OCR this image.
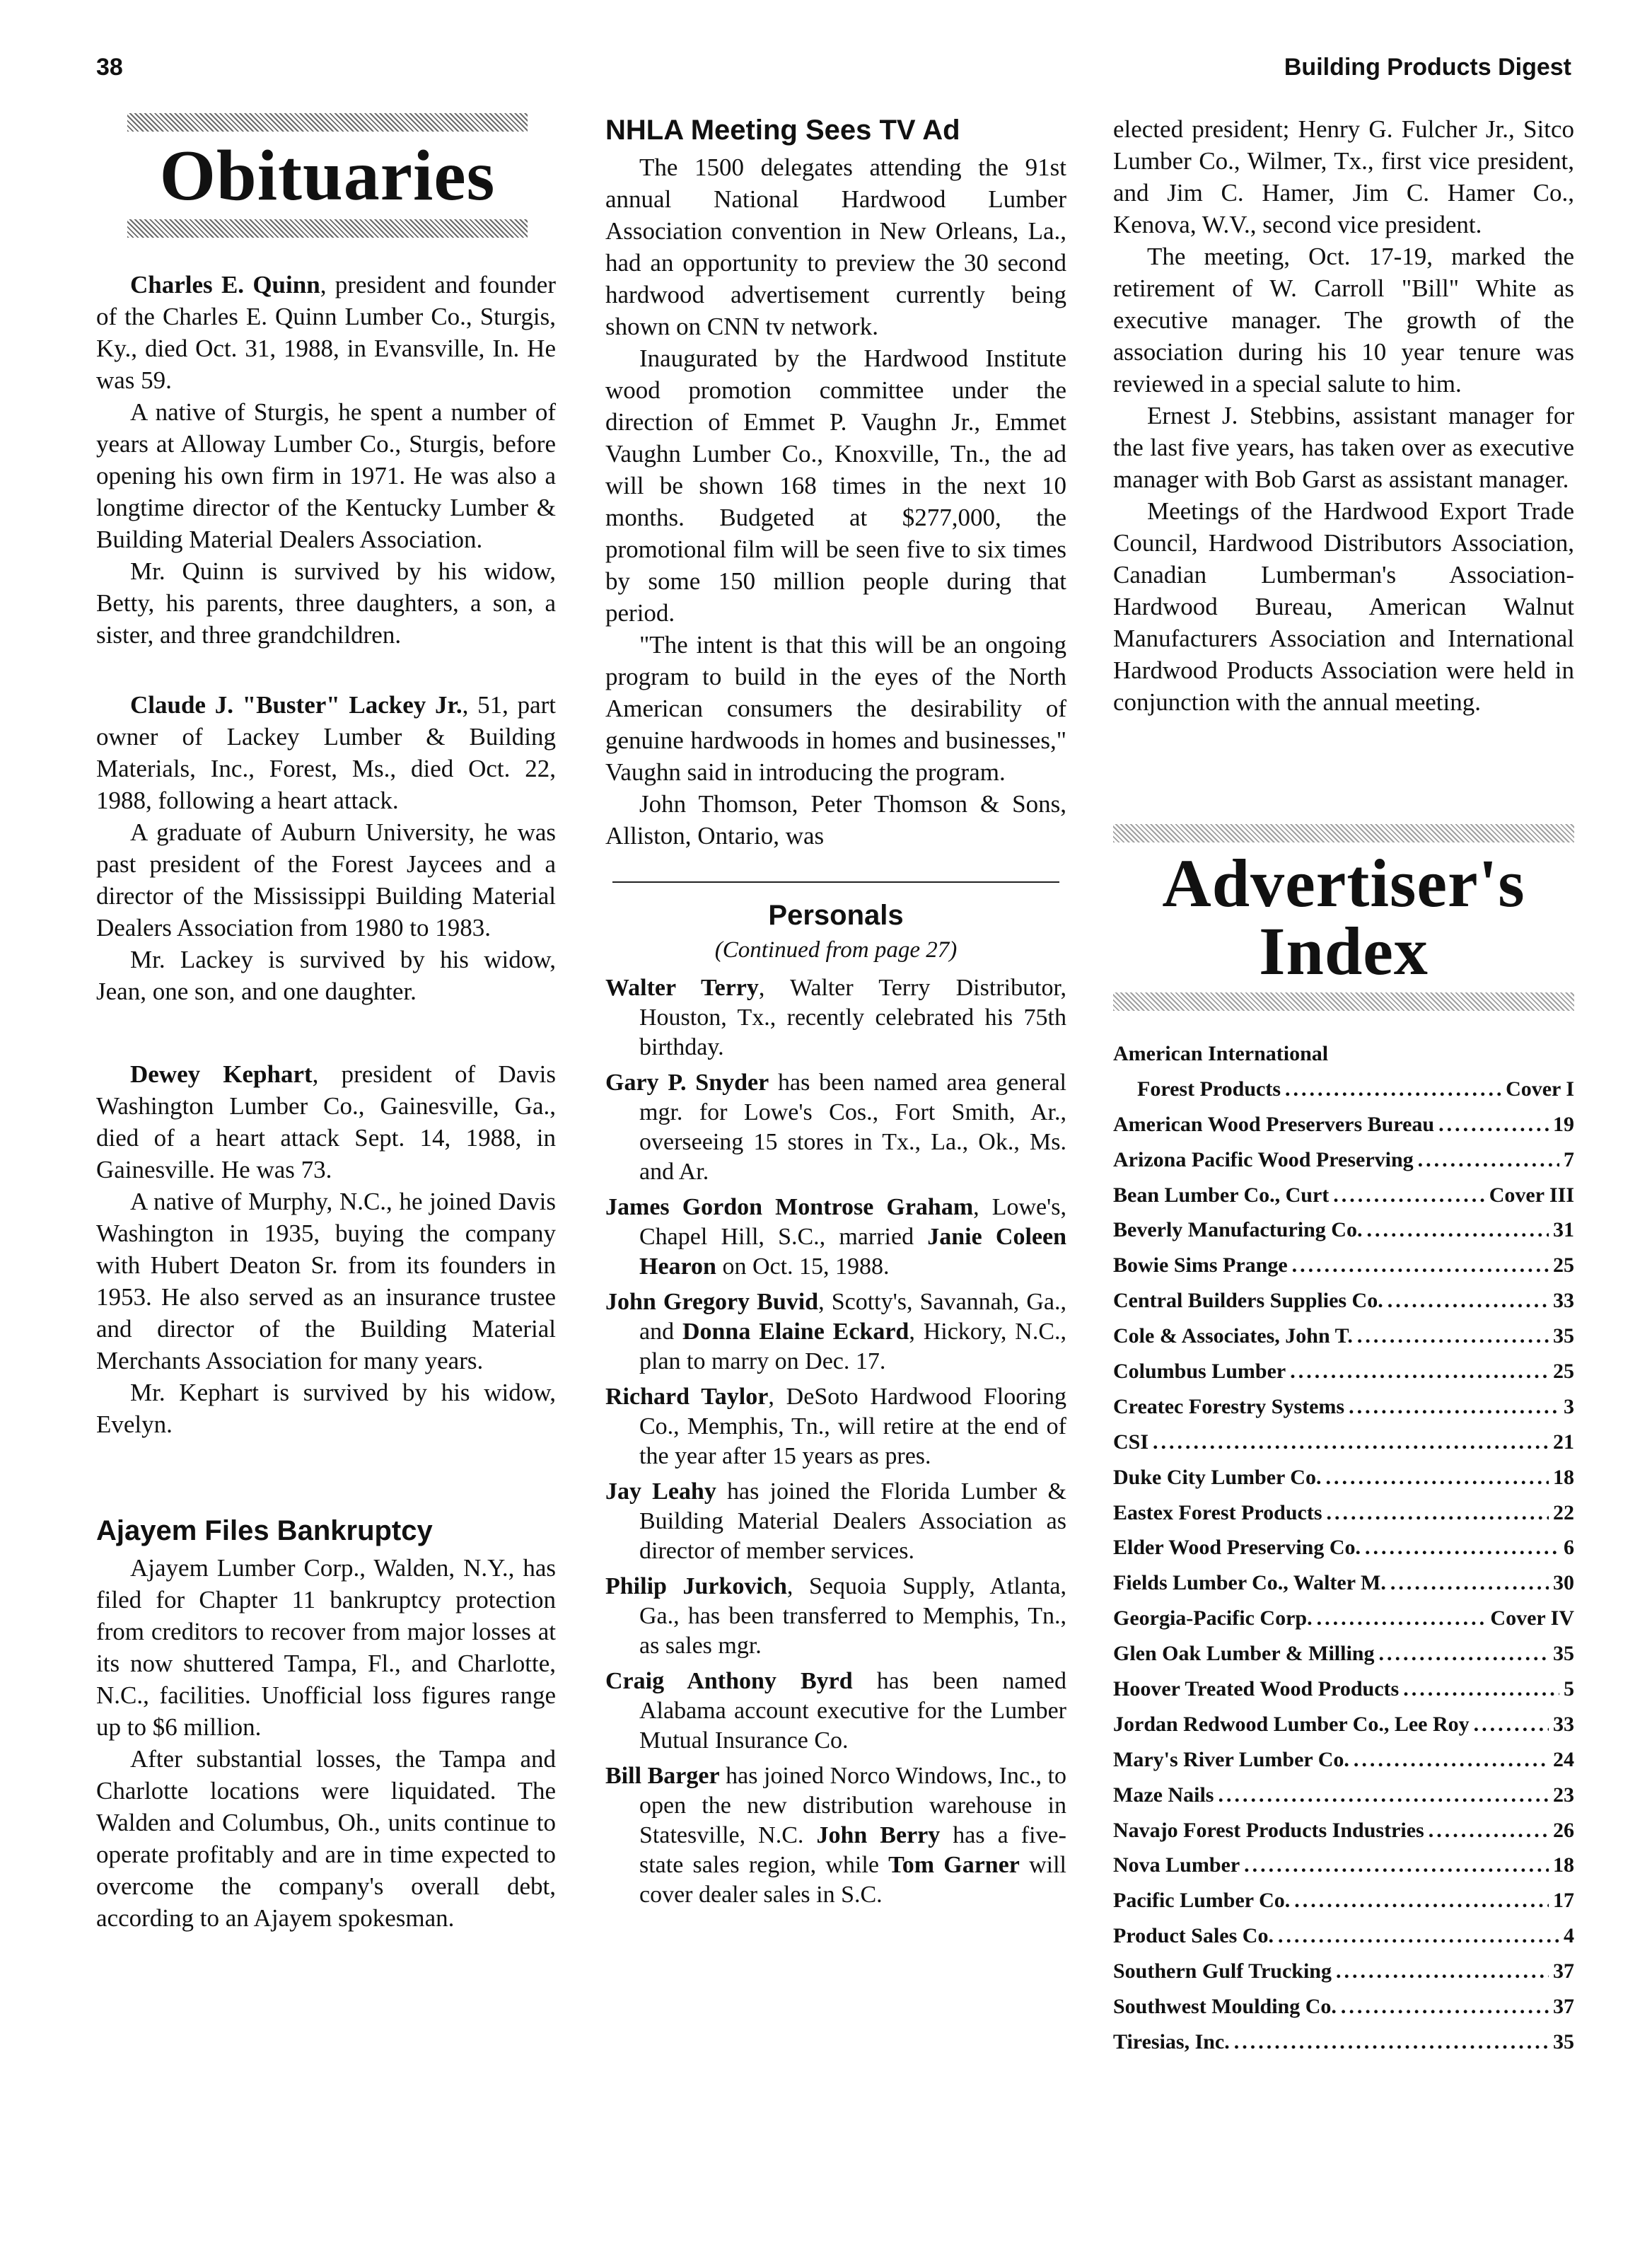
38	Building Products Digest
Obituaries

Charles E. Quinn, president and founder of the Charles E. Quinn Lumber Co., Sturgis, Ky., died Oct. 31, 1988, in Evansville, In. He was 59.

A native of Sturgis, he spent a number of years at Alloway Lumber Co., Sturgis, before opening his own firm in 1971. He was also a longtime director of the Kentucky Lumber & Building Material Dealers Association.

Mr. Quinn is survived by his widow, Betty, his parents, three daughters, a son, a sister, and three grandchildren.

Claude J. "Buster" Lackey Jr., 51, part owner of Lackey Lumber & Building Materials, Inc., Forest, Ms., died Oct. 22, 1988, following a heart attack.

A graduate of Auburn University, he was past president of the Forest Jaycees and a director of the Mississippi Building Material Dealers Association from 1980 to 1983.

Mr. Lackey is survived by his widow, Jean, one son, and one daughter.

Dewey Kephart, president of Davis Washington Lumber Co., Gainesville, Ga., died of a heart attack Sept. 14, 1988, in Gainesville. He was 73.

A native of Murphy, N.C., he joined Davis Washington in 1935, buying the company with Hubert Deaton Sr. from its founders in 1953. He also served as an insurance trustee and director of the Building Material Merchants Association for many years.

Mr. Kephart is survived by his widow, Evelyn.

Ajayem Files Bankruptcy

Ajayem Lumber Corp., Walden, N.Y., has filed for Chapter 11 bankruptcy protection from creditors to recover from major losses at its now shuttered Tampa, Fl., and Charlotte, N.C., facilities. Unofficial loss figures range up to $6 million.

After substantial losses, the Tampa and Charlotte locations were liquidated. The Walden and Columbus, Oh., units continue to operate profitably and are in time expected to overcome the company's overall debt, according to an Ajayem spokesman.

NHLA Meeting Sees TV Ad

The 1500 delegates attending the 91st annual National Hardwood Lumber Association convention in New Orleans, La., had an opportunity to preview the 30 second hardwood advertisement currently being shown on CNN tv network.

Inaugurated by the Hardwood Institute wood promotion committee under the direction of Emmet P. Vaughn Jr., Emmet Vaughn Lumber Co., Knoxville, Tn., the ad will be shown 168 times in the next 10 months. Budgeted at $277,000, the promotional film will be seen five to six times by some 150 million people during that period.

"The intent is that this will be an ongoing program to build in the eyes of the North American consumers the desirability of genuine hardwoods in homes and businesses," Vaughn said in introducing the program.

John Thomson, Peter Thomson & Sons, Alliston, Ontario, was

Personals
(Continued from page 27)

Walter Terry, Walter Terry Distributor, Houston, Tx., recently celebrated his 75th birthday.

Gary P. Snyder has been named area general mgr. for Lowe's Cos., Fort Smith, Ar., overseeing 15 stores in Tx., La., Ok., Ms. and Ar.

James Gordon Montrose Graham, Lowe's, Chapel Hill, S.C., married Janie Coleen Hearon on Oct. 15, 1988.

John Gregory Buvid, Scotty's, Savannah, Ga., and Donna Elaine Eckard, Hickory, N.C., plan to marry on Dec. 17.

Richard Taylor, DeSoto Hardwood Flooring Co., Memphis, Tn., will retire at the end of the year after 15 years as pres.

Jay Leahy has joined the Florida Lumber & Building Material Dealers Association as director of member services.

Philip Jurkovich, Sequoia Supply, Atlanta, Ga., has been transferred to Memphis, Tn., as sales mgr.

Craig Anthony Byrd has been named Alabama account executive for the Lumber Mutual Insurance Co.

Bill Barger has joined Norco Windows, Inc., to open the new distribution warehouse in Statesville, N.C. John Berry has a five-state sales region, while Tom Garner will cover dealer sales in S.C.

elected president; Henry G. Fulcher Jr., Sitco Lumber Co., Wilmer, Tx., first vice president, and Jim C. Hamer, Jim C. Hamer Co., Kenova, W.V., second vice president.

The meeting, Oct. 17-19, marked the retirement of W. Carroll "Bill" White as executive manager. The growth of the association during his 10 year tenure was reviewed in a special salute to him.

Ernest J. Stebbins, assistant manager for the last five years, has taken over as executive manager with Bob Garst as assistant manager.

Meetings of the Hardwood Export Trade Council, Hardwood Distributors Association, Canadian Lumberman's Association-Hardwood Bureau, American Walnut Manufacturers Association and International Hardwood Products Association were held in conjunction with the annual meeting.

Advertiser's
Index
American International
Forest Products .....	Cover I
American Wood Preservers Bureau .....	19
Arizona Pacific Wood Preserving .....	7
Bean Lumber Co., Curt .....	Cover III
Beverly Manufacturing Co. .....	31
Bowie Sims Prange .....	25
Central Builders Supplies Co. .....	33
Cole & Associates, John T. .....	35
Columbus Lumber .....	25
Createc Forestry Systems .....	3
CSI .....	21
Duke City Lumber Co. .....	18
Eastex Forest Products .....	22
Elder Wood Preserving Co. .....	6
Fields Lumber Co., Walter M. .....	30
Georgia-Pacific Corp. .....	Cover IV
Glen Oak Lumber & Milling .....	35
Hoover Treated Wood Products .....	5
Jordan Redwood Lumber Co., Lee Roy .....	33
Mary's River Lumber Co. .....	24
Maze Nails .....	23
Navajo Forest Products Industries .....	26
Nova Lumber .....	18
Pacific Lumber Co. .....	17
Product Sales Co. .....	4
Southern Gulf Trucking .....	37
Southwest Moulding Co. .....	37
Tiresias, Inc. .....	35
